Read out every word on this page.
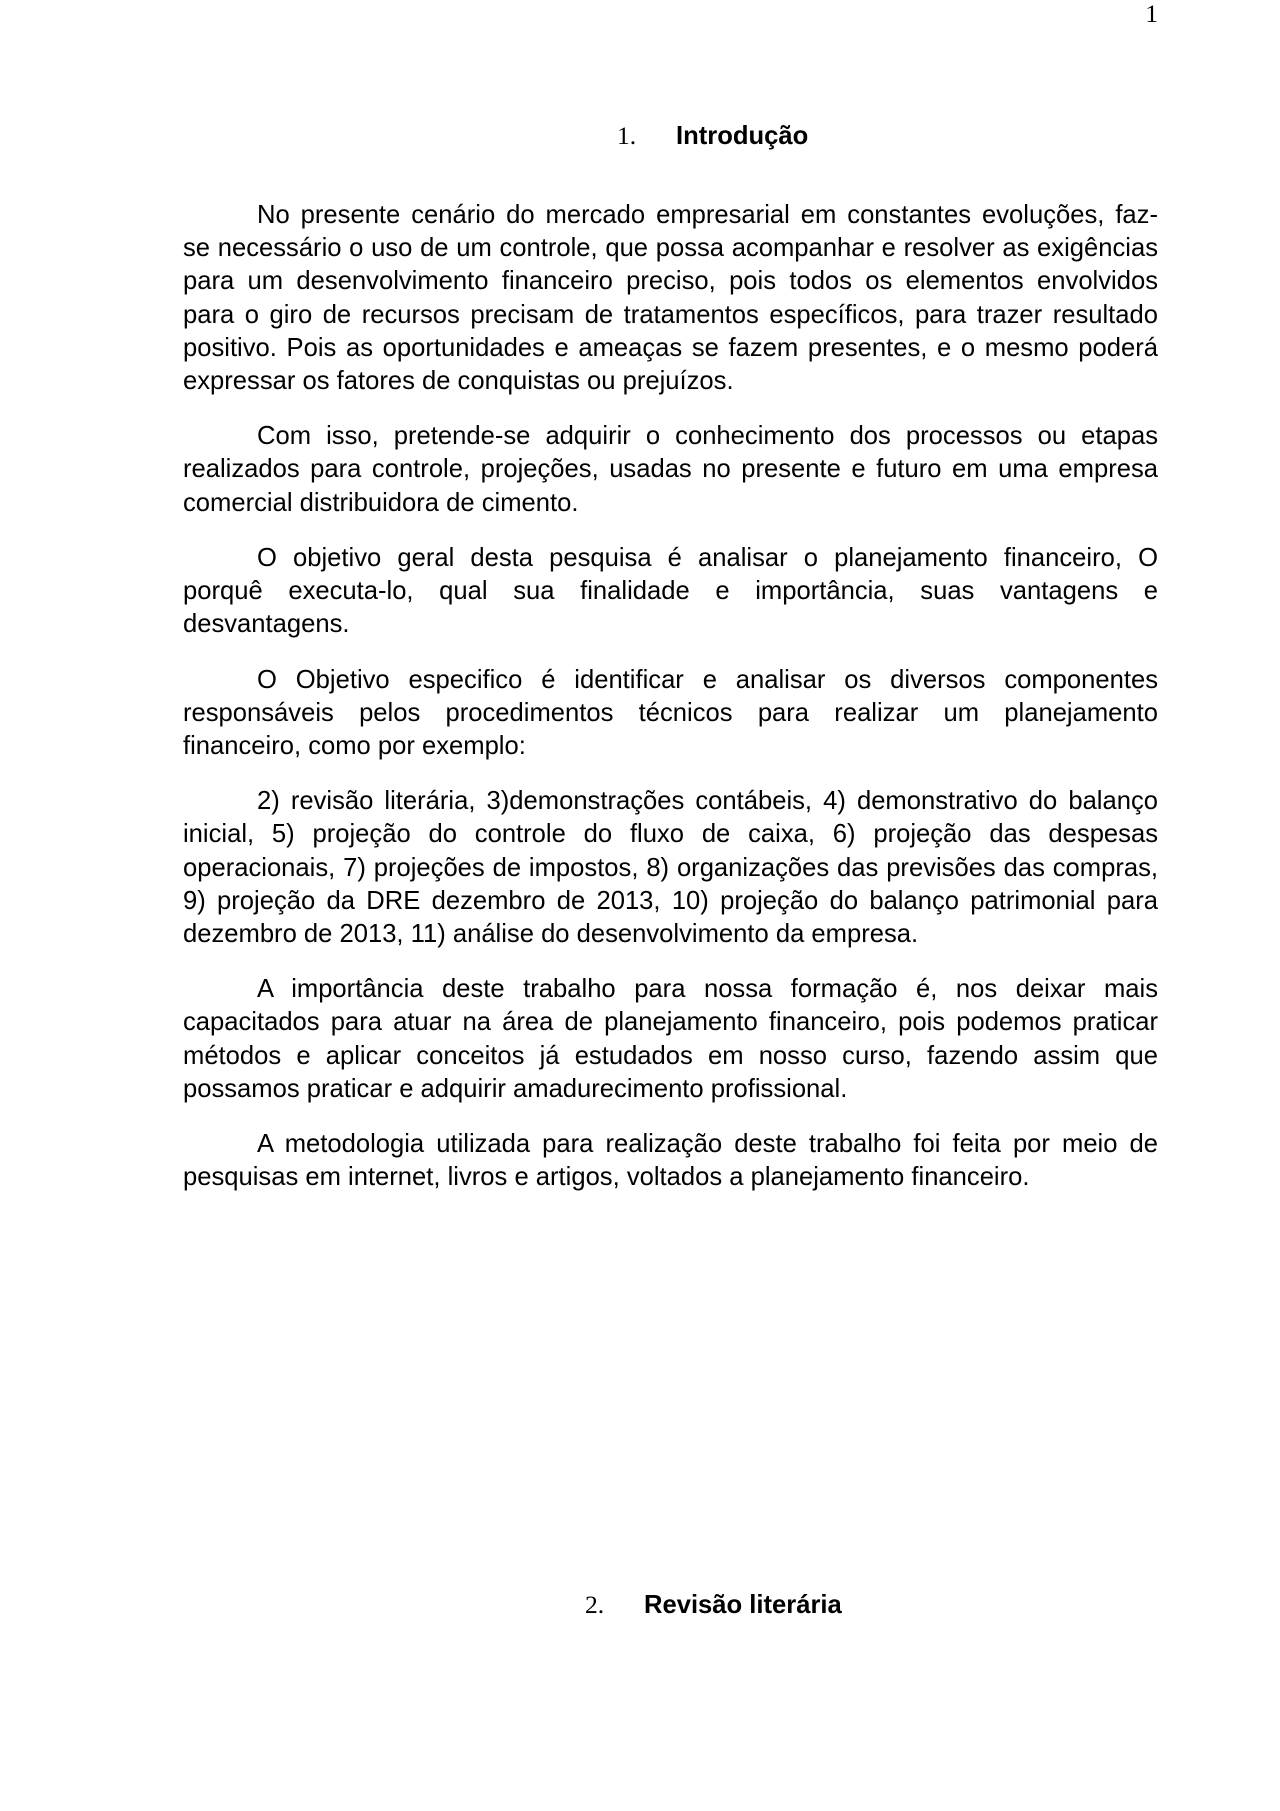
1
1. Introdução
No presente cenário do mercado empresarial em constantes evoluções, faz-
se necessário o uso de um controle, que possa acompanhar e resolver as exigências
para um desenvolvimento financeiro preciso, pois todos os elementos envolvidos
para o giro de recursos precisam de tratamentos específicos, para trazer resultado
positivo. Pois as oportunidades e ameaças se fazem presentes, e o mesmo poderá
expressar os fatores de conquistas ou prejuízos.
Com isso, pretende-se adquirir o conhecimento dos processos ou etapas
realizados para controle, projeções, usadas no presente e futuro em uma empresa
comercial distribuidora de cimento.
O objetivo geral desta pesquisa é analisar o planejamento financeiro, O
porquê executa-lo, qual sua finalidade e importância, suas vantagens e
desvantagens.
O Objetivo especifico é identificar e analisar os diversos componentes
responsáveis pelos procedimentos técnicos para realizar um planejamento
financeiro, como por exemplo:
2) revisão literária, 3)demonstrações contábeis, 4) demonstrativo do balanço
inicial, 5) projeção do controle do fluxo de caixa, 6) projeção das despesas
operacionais, 7) projeções de impostos, 8) organizações das previsões das compras,
9) projeção da DRE dezembro de 2013, 10) projeção do balanço patrimonial para
dezembro de 2013, 11) análise do desenvolvimento da empresa.
A importância deste trabalho para nossa formação é, nos deixar mais
capacitados para atuar na área de planejamento financeiro, pois podemos praticar
métodos e aplicar conceitos já estudados em nosso curso, fazendo assim que
possamos praticar e adquirir amadurecimento profissional.
A metodologia utilizada para realização deste trabalho foi feita por meio de
pesquisas em internet, livros e artigos, voltados a planejamento financeiro.
2. Revisão literária
